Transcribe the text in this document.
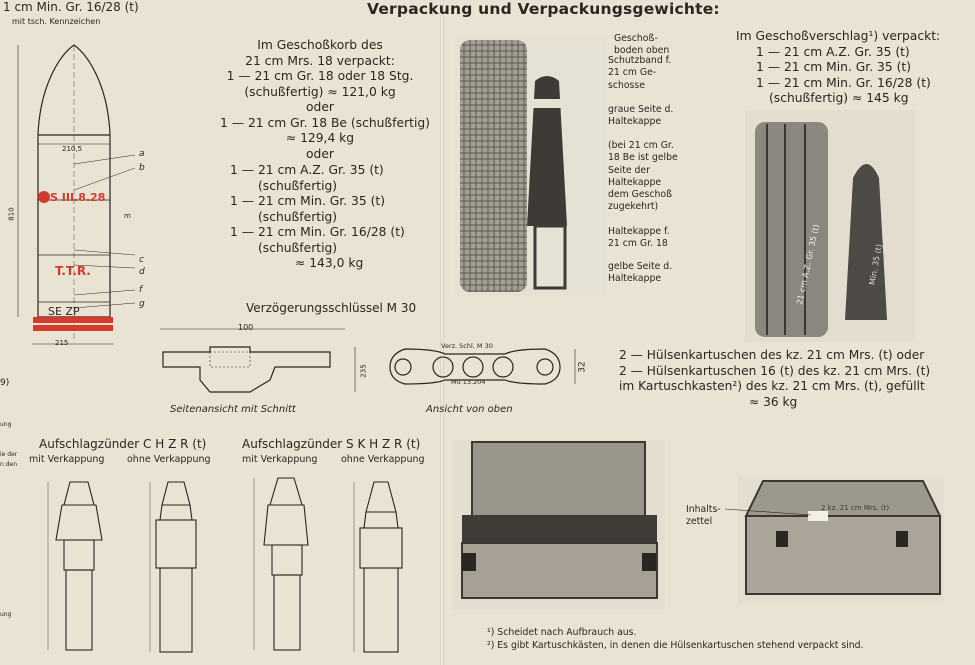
Verpackung und Verpackungsgewichte:
1 cm Min. Gr. 16/28 (t)
mit tsch. Kennzeichen
9)
ung
ie der
n den
ung
210,5
215
810
S III.8.28
T.T.R.
SE ZP
a
b
m
c
d
f
g
Im Geschoßkorb des
21 cm Mrs. 18 verpackt:
1 — 21 cm Gr. 18 oder 18 Stg.
(schußfertig) ≈ 121,0 kg
oder
1 — 21 cm Gr. 18 Be (schußfertig)
≈ 129,4 kg
oder
1 — 21 cm A.Z. Gr. 35 (t)
(schußfertig)
1 — 21 cm Min. Gr. 35 (t)
(schußfertig)
1 — 21 cm Min. Gr. 16/28 (t)
(schußfertig)
≈ 143,0 kg
Geschoß-
boden oben
Schutzband f.
21 cm Ge-
schosse
graue Seite d.
Haltekappe
(bei 21 cm Gr.
18 Be ist gelbe
Seite der
Haltekappe
dem Geschoß
zugekehrt)
Haltekappe f.
21 cm Gr. 18
gelbe Seite d.
Haltekappe
Im Geschoßverschlag¹) verpackt:
1 — 21 cm A.Z. Gr. 35 (t)
1 — 21 cm Min. Gr. 35 (t)
1 — 21 cm Min. Gr. 16/28 (t)
(schußfertig) ≈ 145 kg
21 cm A.Z. Gr. 35 (t)	Min. 35 (t)
Verzögerungsschlüssel M 30
100
235
Seitenansicht mit Schnitt
Verz. Schl. M 30
Mu 13.204
32
Ansicht von oben
2 — Hülsenkartuschen des kz. 21 cm Mrs. (t) oder
2 — Hülsenkartuschen 16 (t) des kz. 21 cm Mrs. (t)
im Kartuschkasten²) des kz. 21 cm Mrs. (t), gefüllt
≈ 36 kg
Aufschlagzünder C H Z R (t)
mit Verkappung ohne Verkappung
Aufschlagzünder S K H Z R (t)
mit Verkappung ohne Verkappung
2 kz. 21 cm Mrs. (t)
Inhalts-
zettel
¹) Scheidet nach Aufbrauch aus.
²) Es gibt Kartuschkästen, in denen die Hülsenkartuschen stehend verpackt sind.
